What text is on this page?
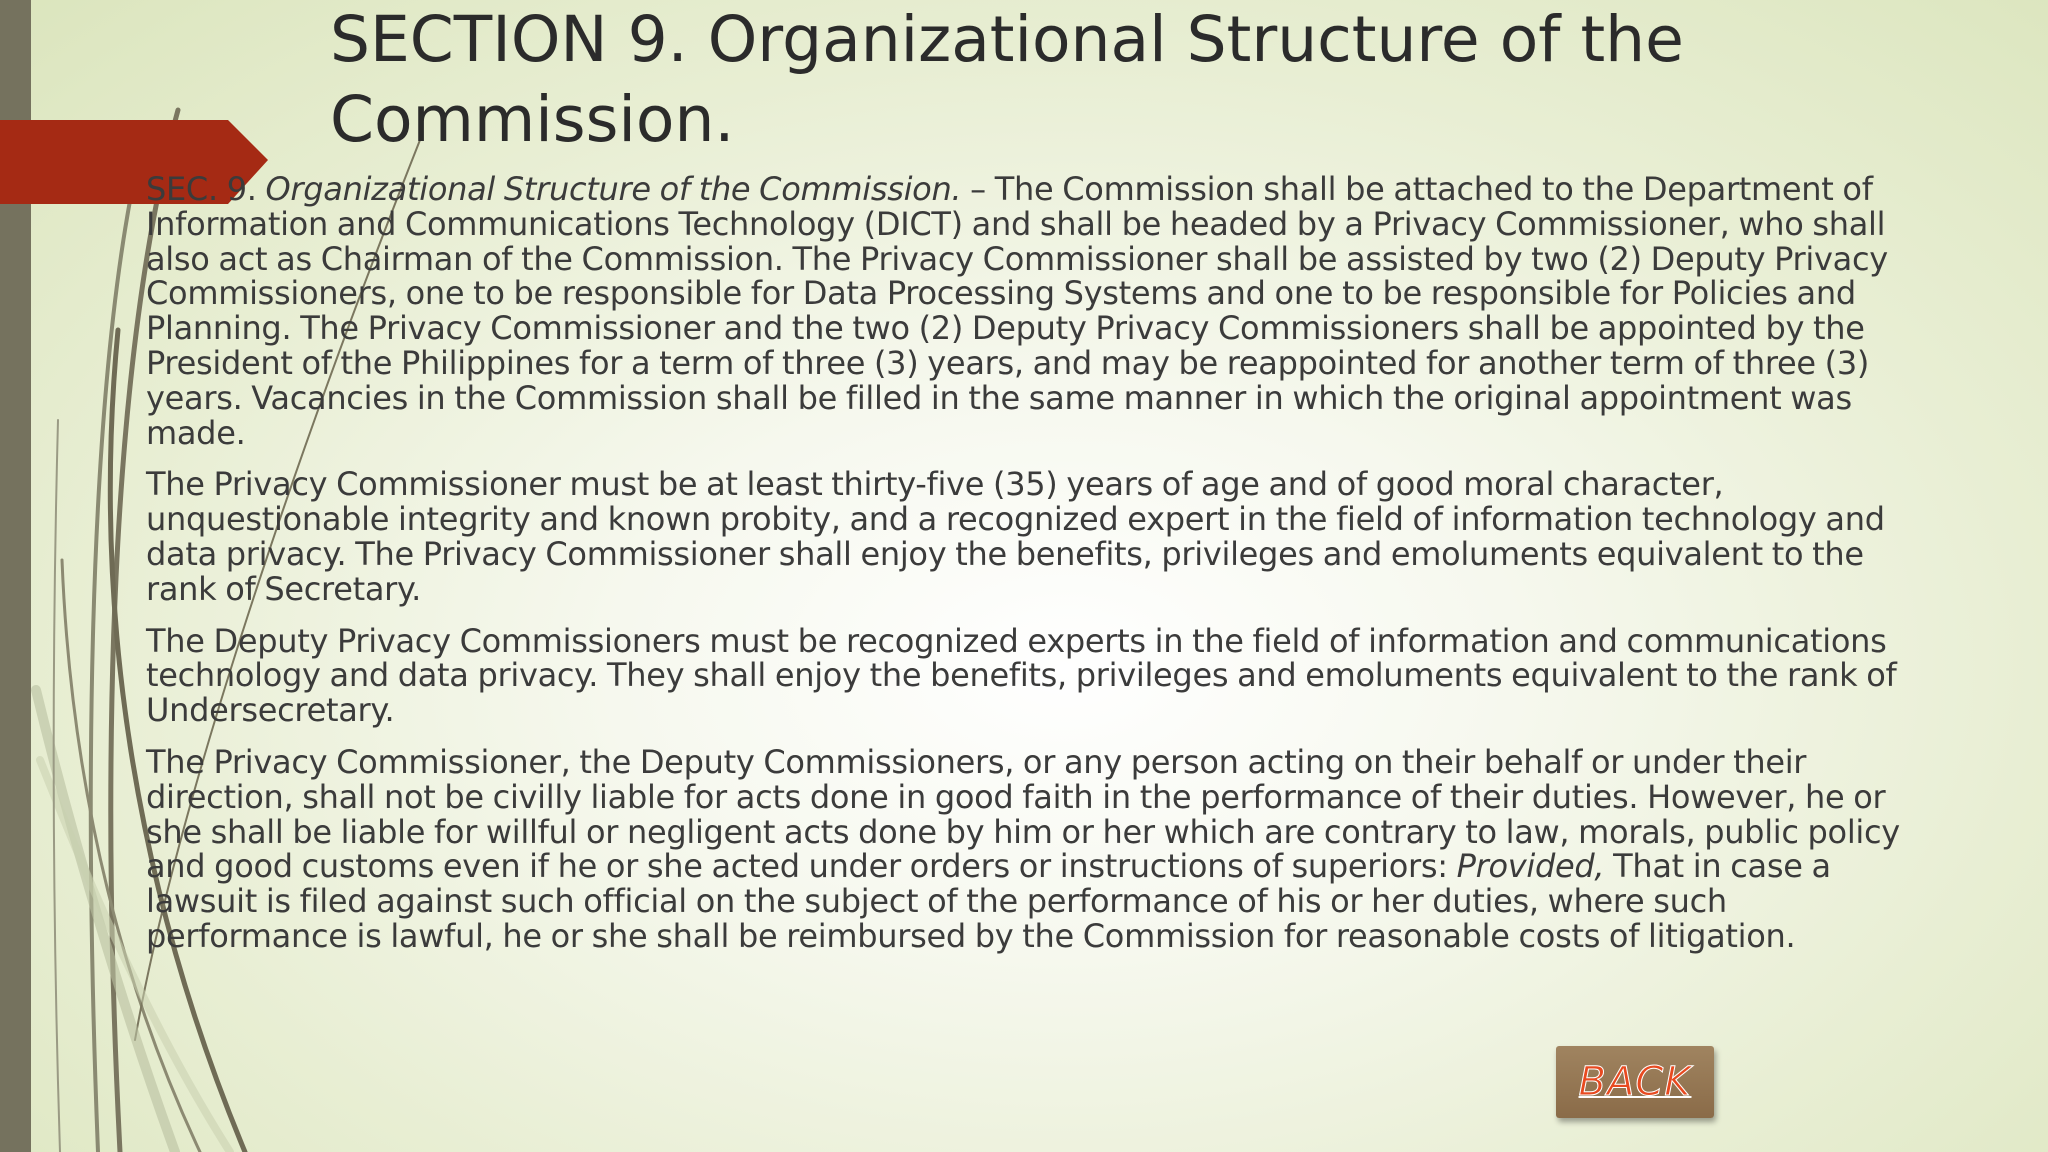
SECTION 9. Organizational Structure of the Commission.

SEC. 9. Organizational Structure of the Commission. – The Commission shall be attached to the Department of Information and Communications Technology (DICT) and shall be headed by a Privacy Commissioner, who shall also act as Chairman of the Commission. The Privacy Commissioner shall be assisted by two (2) Deputy Privacy Commissioners, one to be responsible for Data Processing Systems and one to be responsible for Policies and Planning. The Privacy Commissioner and the two (2) Deputy Privacy Commissioners shall be appointed by the President of the Philippines for a term of three (3) years, and may be reappointed for another term of three (3) years. Vacancies in the Commission shall be filled in the same manner in which the original appointment was made.

The Privacy Commissioner must be at least thirty-five (35) years of age and of good moral character, unquestionable integrity and known probity, and a recognized expert in the field of information technology and data privacy. The Privacy Commissioner shall enjoy the benefits, privileges and emoluments equivalent to the rank of Secretary.

The Deputy Privacy Commissioners must be recognized experts in the field of information and communications technology and data privacy. They shall enjoy the benefits, privileges and emoluments equivalent to the rank of Undersecretary.

The Privacy Commissioner, the Deputy Commissioners, or any person acting on their behalf or under their direction, shall not be civilly liable for acts done in good faith in the performance of their duties. However, he or she shall be liable for willful or negligent acts done by him or her which are contrary to law, morals, public policy and good customs even if he or she acted under orders or instructions of superiors: Provided, That in case a lawsuit is filed against such official on the subject of the performance of his or her duties, where such performance is lawful, he or she shall be reimbursed by the Commission for reasonable costs of litigation.

BACK
